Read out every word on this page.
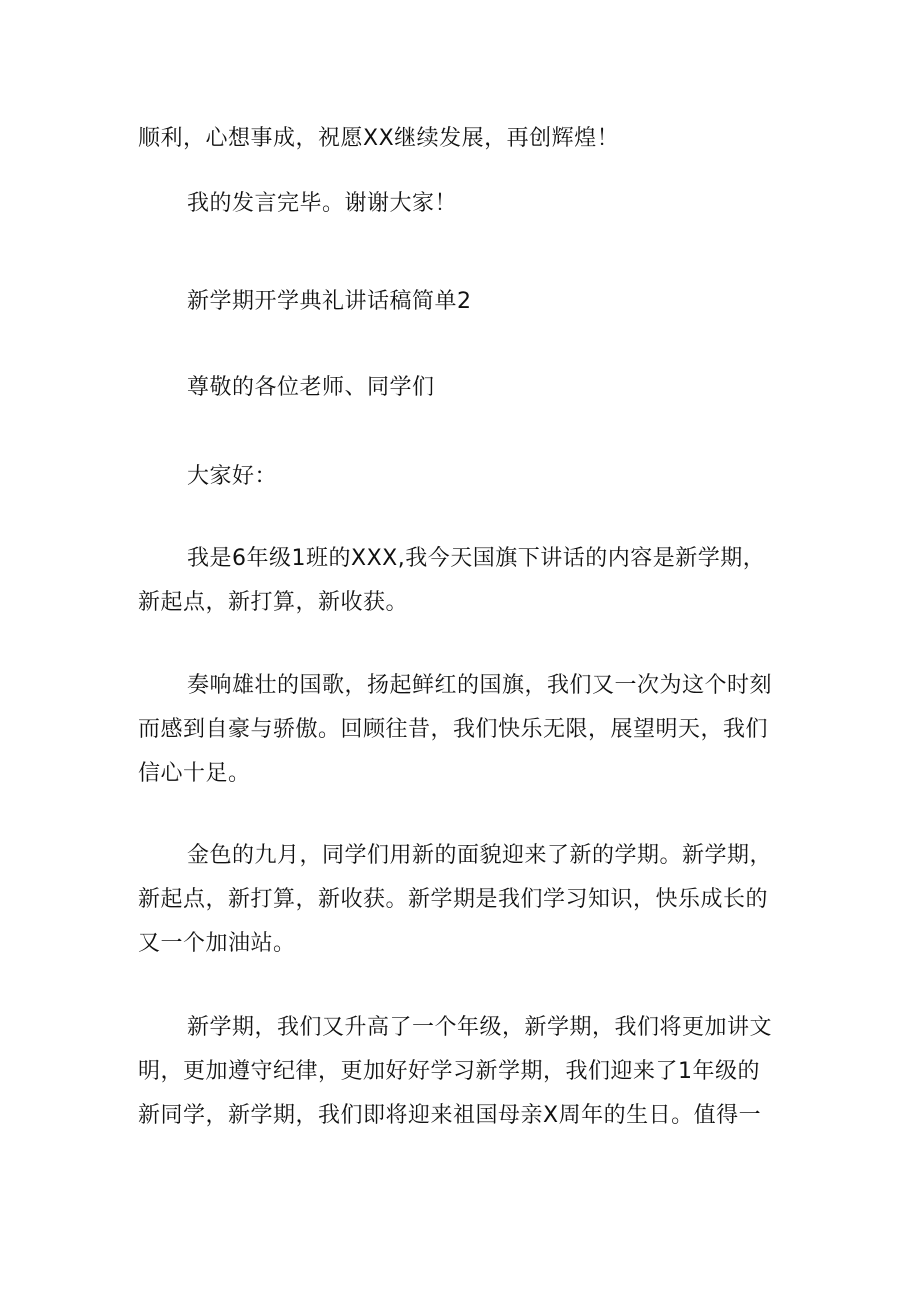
顺利，心想事成，祝愿XX继续发展，再创辉煌！

我的发言完毕。谢谢大家！

新学期开学典礼讲话稿简单2

尊敬的各位老师、同学们

大家好：

我是6年级1班的XXX,我今天国旗下讲话的内容是新学期，
新起点，新打算，新收获。

奏响雄壮的国歌，扬起鲜红的国旗，我们又一次为这个时刻
而感到自豪与骄傲。回顾往昔，我们快乐无限，展望明天，我们
信心十足。

金色的九月，同学们用新的面貌迎来了新的学期。新学期，
新起点，新打算，新收获。新学期是我们学习知识，快乐成长的
又一个加油站。

新学期，我们又升高了一个年级，新学期，我们将更加讲文
明，更加遵守纪律，更加好好学习新学期，我们迎来了1年级的
新同学，新学期，我们即将迎来祖国母亲X周年的生日。值得一
